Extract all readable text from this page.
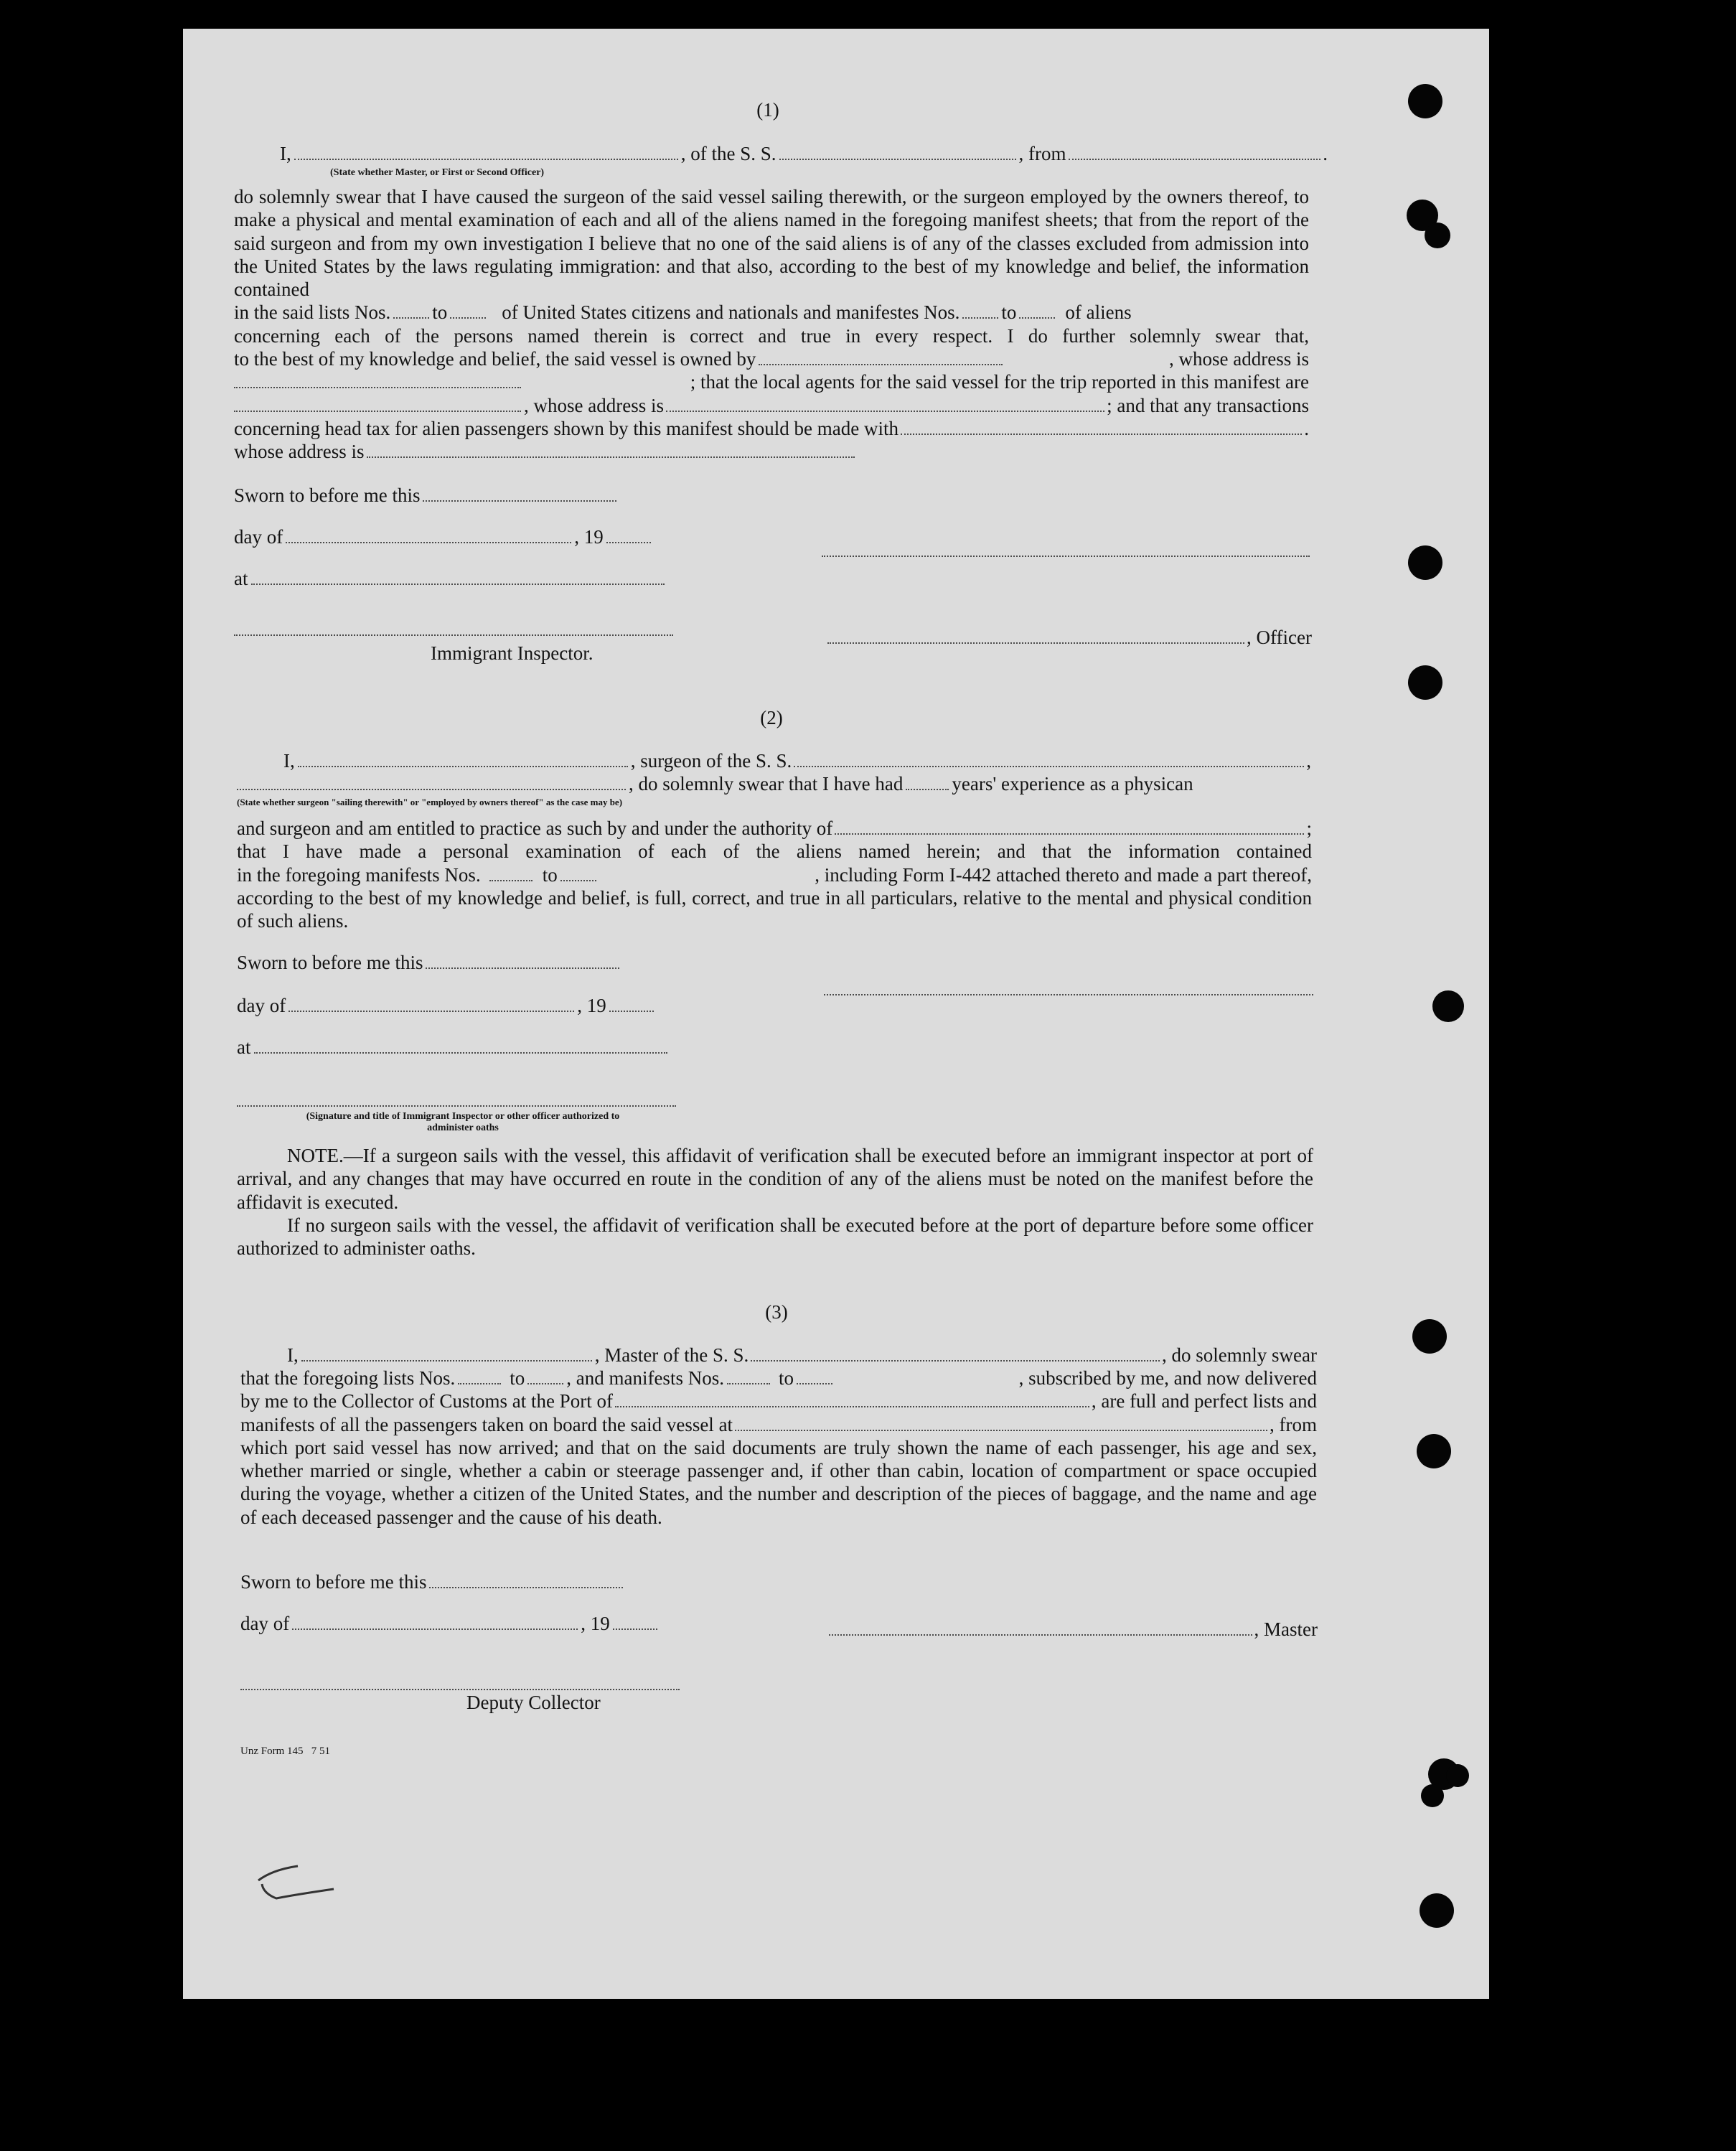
(1)
I,	, of the S. S.	, from	.
(State whether Master, or First or Second Officer)
do solemnly swear that I have caused the surgeon of the said vessel sailing therewith, or the surgeon employed by the owners thereof, to make a physical and mental examination of each and all of the aliens named in the foregoing manifest sheets; that from the report of the said surgeon and from my own investigation I believe that no one of the said aliens is of any of the classes excluded from admission into the United States by the laws regulating immigration: and that also, according to the best of my knowledge and belief, the information contained
in the said lists Nos. to	of United States citizens and nationals and manifestes Nos. to	of aliens
concerning each of the persons named therein is correct and true in every respect. I do further solemnly swear that,
to the best of my knowledge and belief, the said vessel is owned by	, whose address is
; that the local agents for the said vessel for the trip reported in this manifest are
, whose address is	; and that any transactions
concerning head tax for alien passengers shown by this manifest should be made with	.
whose address is
Sworn to before me this
day of	, 19
at
, Officer
Immigrant Inspector.
(2)
I,	, surgeon of the S. S.	,
, do solemnly swear that I have had	years' experience as a physican
(State whether surgeon "sailing therewith" or "employed by owners thereof" as the case may be)
and surgeon and am entitled to practice as such by and under the authority of	;
that I have made a personal examination of each of the aliens named herein; and that the information contained
in the foregoing manifests Nos.	to	, including Form I-442 attached thereto and made a part thereof,
according to the best of my knowledge and belief, is full, correct, and true in all particulars, relative to the mental and physical condition of such aliens.
Sworn to before me this
day of	, 19
at
(Signature and title of Immigrant Inspector or other officer authorized to administer oaths
NOTE.—If a surgeon sails with the vessel, this affidavit of verification shall be executed before an immigrant inspector at port of arrival, and any changes that may have occurred en route in the condition of any of the aliens must be noted on the manifest before the affidavit is executed.
If no surgeon sails with the vessel, the affidavit of verification shall be executed before at the port of departure before some officer authorized to administer oaths.
(3)
I,	, Master of the S. S.	, do solemnly swear
that the foregoing lists Nos.	to , and manifests Nos.	to	, subscribed by me, and now delivered
by me to the Collector of Customs at the Port of	, are full and perfect lists and
manifests of all the passengers taken on board the said vessel at	, from
which port said vessel has now arrived; and that on the said documents are truly shown the name of each passenger, his age and sex, whether married or single, whether a cabin or steerage passenger and, if other than cabin, location of compartment or space occupied during the voyage, whether a citizen of the United States, and the number and description of the pieces of baggage, and the name and age of each deceased passenger and the cause of his death.
Sworn to before me this
day of	, 19	, Master
Deputy Collector
Unz Form 145   7 51
